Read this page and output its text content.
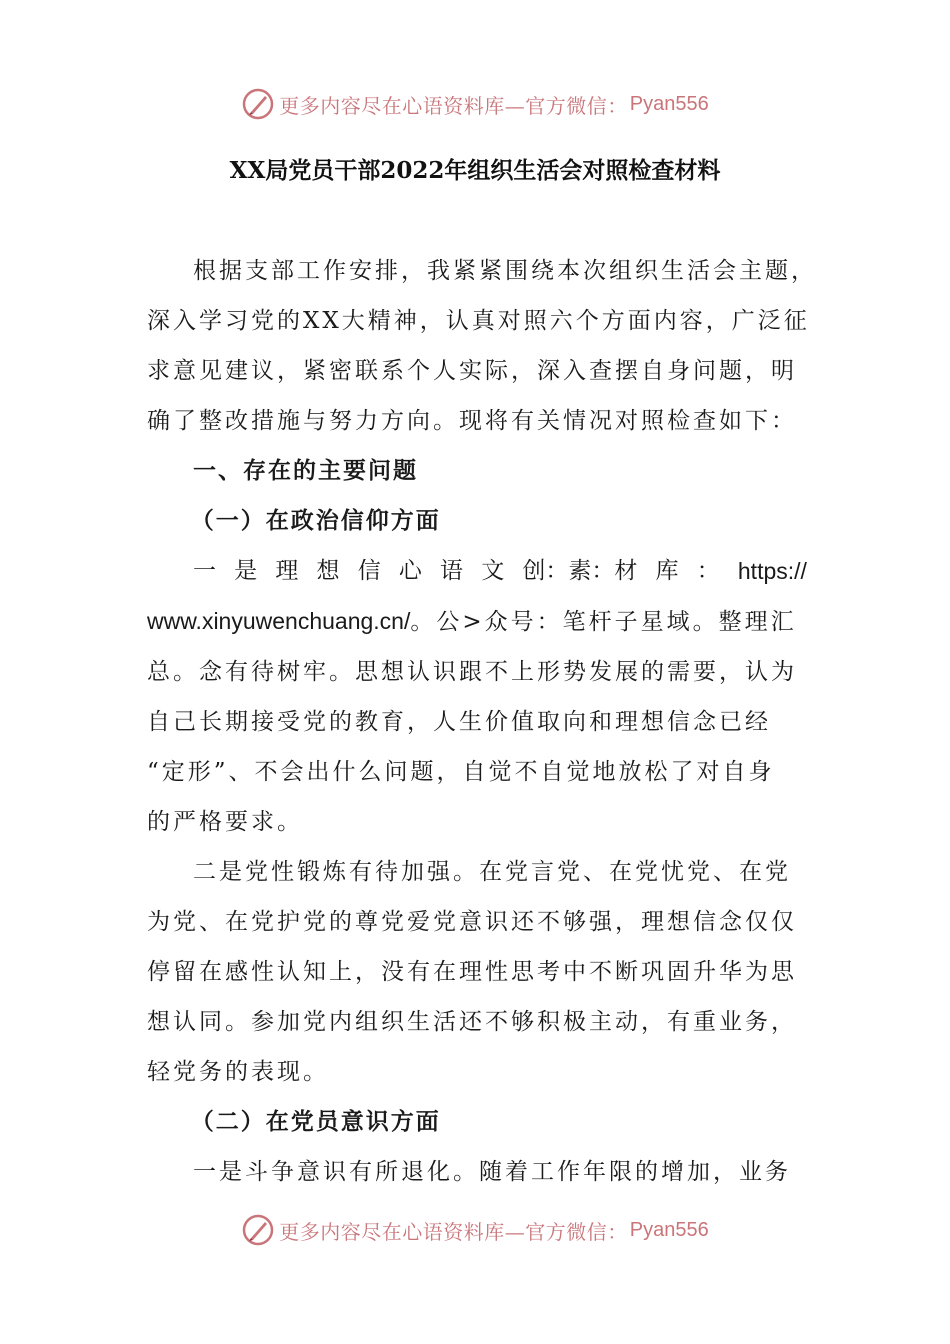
更多内容尽在心语资料库—官方微信： Pyan556
XX局党员干部2022年组织生活会对照检查材料

根据支部工作安排，我紧紧围绕本次组织生活会主题，

深入学习党的XX大精神，认真对照六个方面内容，广泛征
求意见建议，紧密联系个人实际，深入查摆自身问题，明
确了整改措施与努力方向。现将有关情况对照检查如下：

一、存在的主要问题

（一）在政治信仰方面

一 是 理 想 信 心 语 文 创：素：材 库 ： https://
www.xinyuwenchuang.cn/。公>众号：笔杆子星域。整理汇
总。念有待树牢。思想认识跟不上形势发展的需要，认为
自己长期接受党的教育，人生价值取向和理想信念已经
“定形”、不会出什么问题，自觉不自觉地放松了对自身
的严格要求。

二是党性锻炼有待加强。在党言党、在党忧党、在党

为党、在党护党的尊党爱党意识还不够强，理想信念仅仅
停留在感性认知上，没有在理性思考中不断巩固升华为思
想认同。参加党内组织生活还不够积极主动，有重业务，
轻党务的表现。

（二）在党员意识方面

一是斗争意识有所退化。随着工作年限的增加，业务

更多内容尽在心语资料库—官方微信： Pyan556
